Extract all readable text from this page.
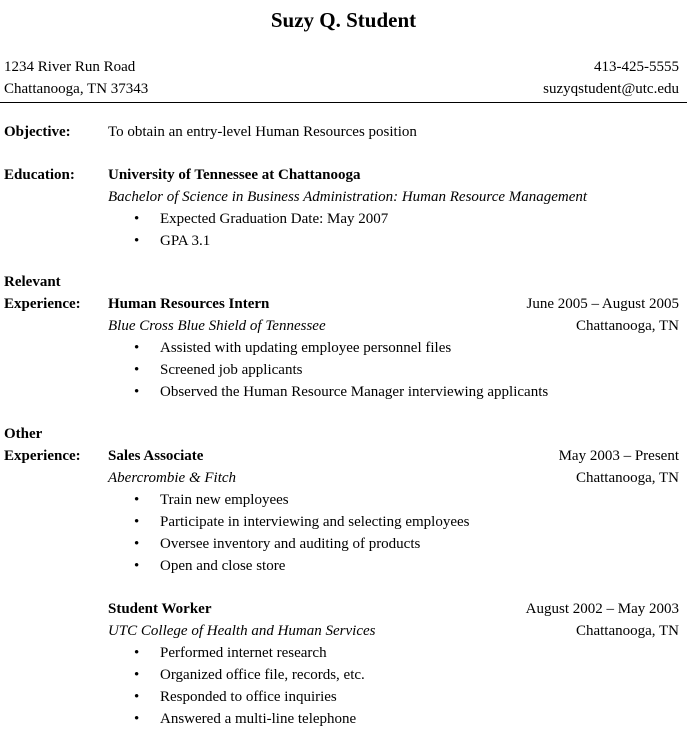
Suzy Q. Student
1234 River Run Road	413-425-5555
Chattanooga, TN 37343	suzyqstudent@utc.edu
Objective:	To obtain an entry-level Human Resources position
Education:	University of Tennessee at Chattanooga
Bachelor of Science in Business Administration: Human Resource Management
• Expected Graduation Date: May 2007
• GPA 3.1
Relevant
Experience:	Human Resources Intern	June 2005 – August 2005
Blue Cross Blue Shield of Tennessee	Chattanooga, TN
• Assisted with updating employee personnel files
• Screened job applicants
• Observed the Human Resource Manager interviewing applicants
Other
Experience:	Sales Associate	May 2003 – Present
Abercrombie & Fitch	Chattanooga, TN
• Train new employees
• Participate in interviewing and selecting employees
• Oversee inventory and auditing of products
• Open and close store
Student Worker	August 2002 – May 2003
UTC College of Health and Human Services	Chattanooga, TN
• Performed internet research
• Organized office file, records, etc.
• Responded to office inquiries
• Answered a multi-line telephone
